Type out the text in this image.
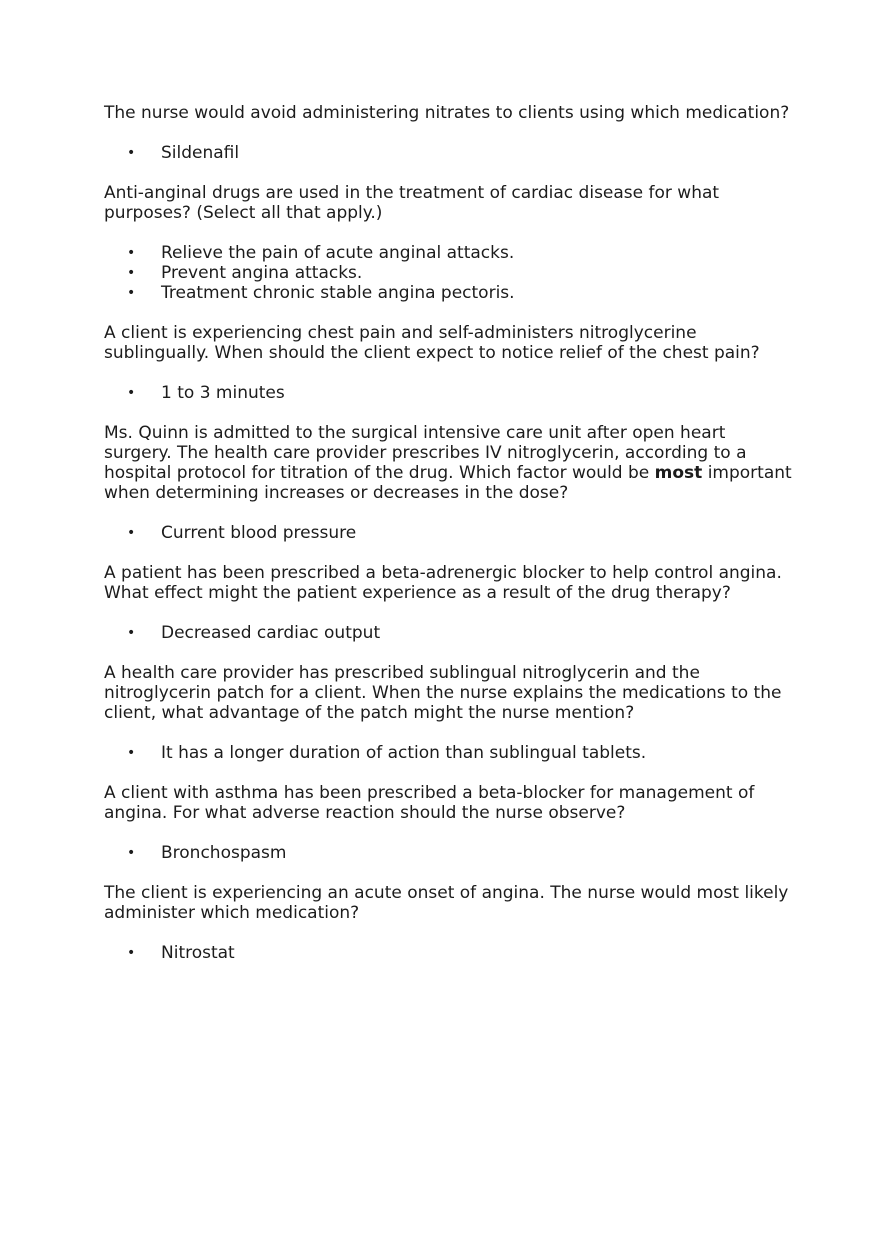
The nurse would avoid administering nitrates to clients using which medication?

• Sildenafil

Anti-anginal drugs are used in the treatment of cardiac disease for what purposes? (Select all that apply.)

• Relieve the pain of acute anginal attacks.
• Prevent angina attacks.
• Treatment chronic stable angina pectoris.

A client is experiencing chest pain and self-administers nitroglycerine sublingually. When should the client expect to notice relief of the chest pain?

• 1 to 3 minutes

Ms. Quinn is admitted to the surgical intensive care unit after open heart surgery. The health care provider prescribes IV nitroglycerin, according to a hospital protocol for titration of the drug. Which factor would be most important when determining increases or decreases in the dose?

• Current blood pressure

A patient has been prescribed a beta-adrenergic blocker to help control angina. What effect might the patient experience as a result of the drug therapy?

• Decreased cardiac output

A health care provider has prescribed sublingual nitroglycerin and the nitroglycerin patch for a client. When the nurse explains the medications to the client, what advantage of the patch might the nurse mention?

• It has a longer duration of action than sublingual tablets.

A client with asthma has been prescribed a beta-blocker for management of angina. For what adverse reaction should the nurse observe?

• Bronchospasm

The client is experiencing an acute onset of angina. The nurse would most likely administer which medication?

• Nitrostat
